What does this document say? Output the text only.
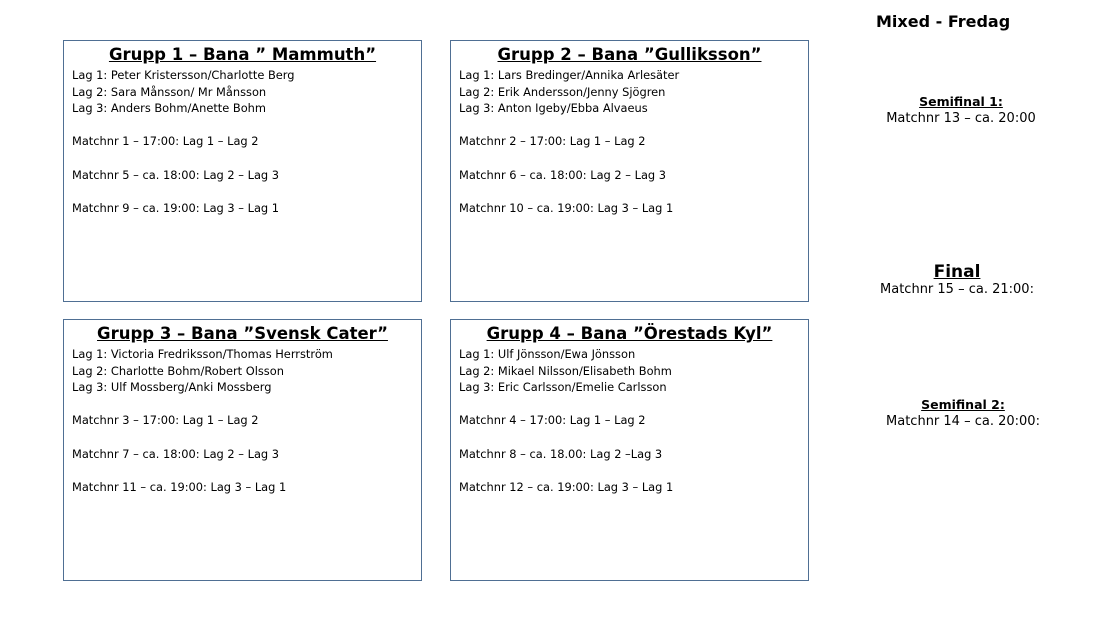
Mixed - Fredag
Grupp 1 – Bana ” Mammuth”
Lag 1: Peter Kristersson/Charlotte Berg
Lag 2: Sara Månsson/ Mr Månsson
Lag 3: Anders Bohm/Anette Bohm
Matchnr 1 – 17:00: Lag 1 – Lag 2
Matchnr 5 – ca. 18:00: Lag 2 – Lag 3
Matchnr 9 – ca. 19:00: Lag 3 – Lag 1
Grupp 2 – Bana ”Gulliksson”
Lag 1: Lars Bredinger/Annika Arlesäter
Lag 2: Erik Andersson/Jenny Sjögren
Lag 3: Anton Igeby/Ebba Alvaeus
Matchnr 2 – 17:00: Lag 1 – Lag 2
Matchnr 6 – ca. 18:00: Lag 2 – Lag 3
Matchnr 10 – ca. 19:00: Lag 3 – Lag 1
Grupp 3 – Bana ”Svensk Cater”
Lag 1: Victoria Fredriksson/Thomas Herrström
Lag 2: Charlotte Bohm/Robert Olsson
Lag 3: Ulf Mossberg/Anki Mossberg
Matchnr 3 – 17:00: Lag 1 – Lag 2
Matchnr 7 – ca. 18:00: Lag 2 – Lag 3
Matchnr 11 – ca. 19:00: Lag 3 – Lag 1
Grupp 4 – Bana ”Örestads Kyl”
Lag 1: Ulf Jönsson/Ewa Jönsson
Lag 2: Mikael Nilsson/Elisabeth Bohm
Lag 3: Eric Carlsson/Emelie Carlsson
Matchnr 4 – 17:00: Lag 1 – Lag 2
Matchnr 8 – ca. 18.00: Lag 2 –Lag 3
Matchnr 12 – ca. 19:00: Lag 3 – Lag 1
Semifinal 1:
Matchnr 13 – ca. 20:00
Final
Matchnr 15 – ca. 21:00:
Semifinal 2:
Matchnr 14 – ca. 20:00:
